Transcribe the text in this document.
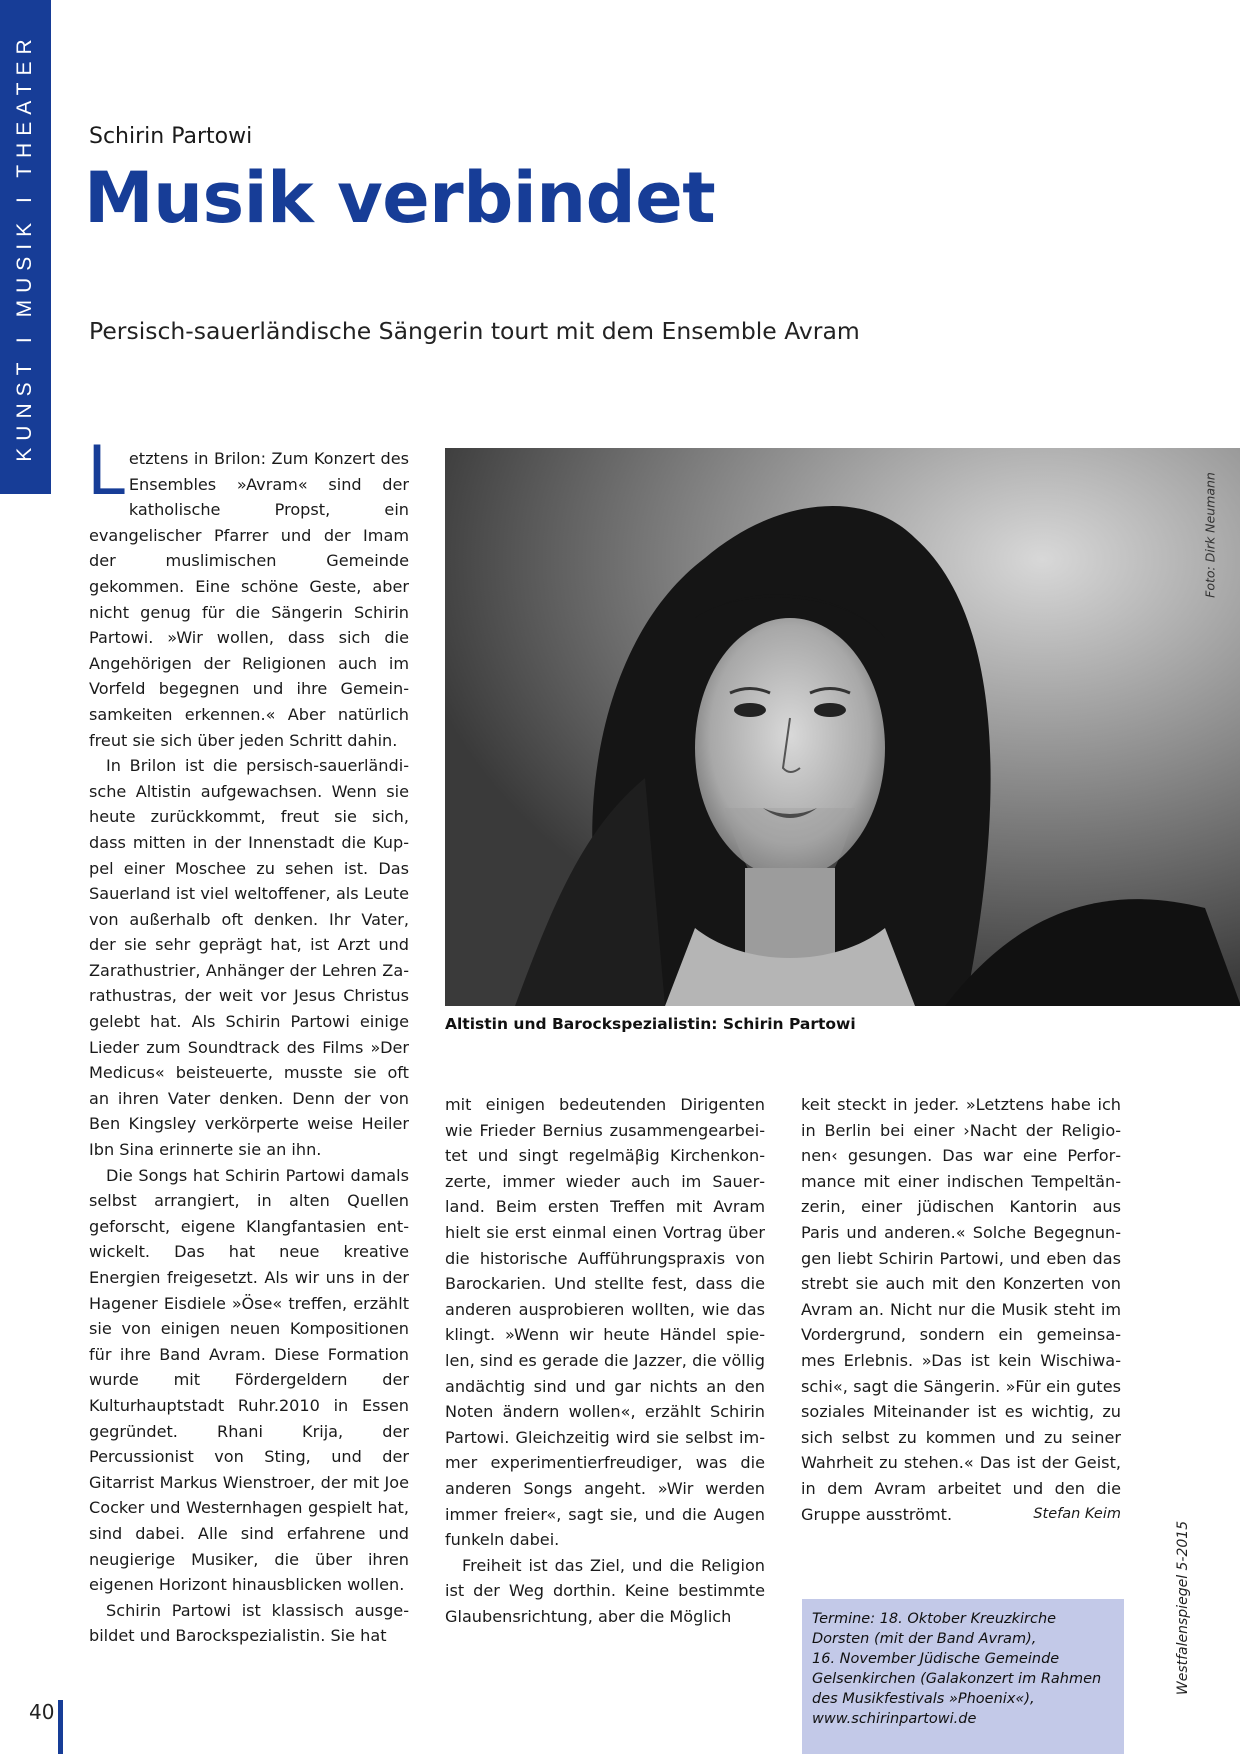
KUNST I MUSIK I THEATER Schirin Partowi
Musik verbindet
Persisch-sauerländische Sängerin tourt mit dem Ensemble Avram

Letztens in Brilon: Zum Konzert des Ensembles »Avram« sind der katholische Propst, ein evangelischer Pfarrer und der Imam der muslimischen Gemeinde gekommen. Eine schöne Geste, aber nicht genug für die Sängerin Schirin Partowi. »Wir wollen, dass sich die Angehörigen der Religionen auch im Vorfeld begegnen und ihre Gemeinsamkeiten erkennen.« Aber natürlich freut sie sich über jeden Schritt dahin.

In Brilon ist die persisch-sauerländische Altistin aufgewachsen. Wenn sie heute zurückkommt, freut sie sich, dass mitten in der Innenstadt die Kuppel einer Moschee zu sehen ist. Das Sauerland ist viel weltoffener, als Leute von außerhalb oft denken. Ihr Vater, der sie sehr geprägt hat, ist Arzt und Zarathustrier, Anhänger der Lehren Zarathustras, der weit vor Jesus Christus gelebt hat. Als Schirin Partowi einige Lieder zum Soundtrack des Films »Der Medicus« beisteuerte, musste sie oft an ihren Vater denken. Denn der von Ben Kingsley verkörperte weise Heiler Ibn Sina erinnerte sie an ihn.

Die Songs hat Schirin Partowi damals selbst arrangiert, in alten Quellen geforscht, eigene Klangfantasien entwickelt. Das hat neue kreative Energien freigesetzt. Als wir uns in der Hagener Eisdiele »Öse« treffen, erzählt sie von einigen neuen Kompositionen für ihre Band Avram. Diese Formation wurde mit Fördergeldern der Kulturhauptstadt Ruhr.2010 in Essen gegründet. Rhani Krija, der Percussionist von Sting, und der Gitarrist Markus Wienstroer, der mit Joe Cocker und Westernhagen gespielt hat, sind dabei. Alle sind erfahrene und neugierige Musiker, die über ihren eigenen Horizont hinausblicken wollen.

Schirin Partowi ist klassisch ausgebildet und Barockspezialistin. Sie hat

Foto: Dirk Neumann
Altistin und Barockspezialistin: Schirin Partowi

mit einigen bedeutenden Dirigenten wie Frieder Bernius zusammengearbeitet und singt regelmäβig Kirchenkonzerte, immer wieder auch im Sauerland. Beim ersten Treffen mit Avram hielt sie erst einmal einen Vortrag über die historische Aufführungspraxis von Barockarien. Und stellte fest, dass die anderen ausprobieren wollten, wie das klingt. »Wenn wir heute Händel spielen, sind es gerade die Jazzer, die völlig andächtig sind und gar nichts an den Noten ändern wollen«, erzählt Schirin Partowi. Gleichzeitig wird sie selbst immer experimentierfreudiger, was die anderen Songs angeht. »Wir werden immer freier«, sagt sie, und die Augen funkeln dabei.

Freiheit ist das Ziel, und die Religion ist der Weg dorthin. Keine bestimmte Glaubensrichtung, aber die Möglich

keit steckt in jeder. »Letztens habe ich in Berlin bei einer ›Nacht der Religionen‹ gesungen. Das war eine Performance mit einer indischen Tempeltänzerin, einer jüdischen Kantorin aus Paris und anderen.« Solche Begegnungen liebt Schirin Partowi, und eben das strebt sie auch mit den Konzerten von Avram an. Nicht nur die Musik steht im Vordergrund, sondern ein gemeinsames Erlebnis. »Das ist kein Wischiwaschi«, sagt die Sängerin. »Für ein gutes soziales Miteinander ist es wichtig, zu sich selbst zu kommen und zu seiner Wahrheit zu stehen.« Das ist der Geist, in dem Avram arbeitet und den die Gruppe ausströmt.	Stefan Keim

Termine: 18. Oktober Kreuzkirche
Dorsten (mit der Band Avram),
16. November Jüdische Gemeinde
Gelsenkirchen (Galakonzert im Rahmen
des Musikfestivals »Phoenix«),
www.schirinpartowi.de
Westfalenspiegel 5-2015
40
